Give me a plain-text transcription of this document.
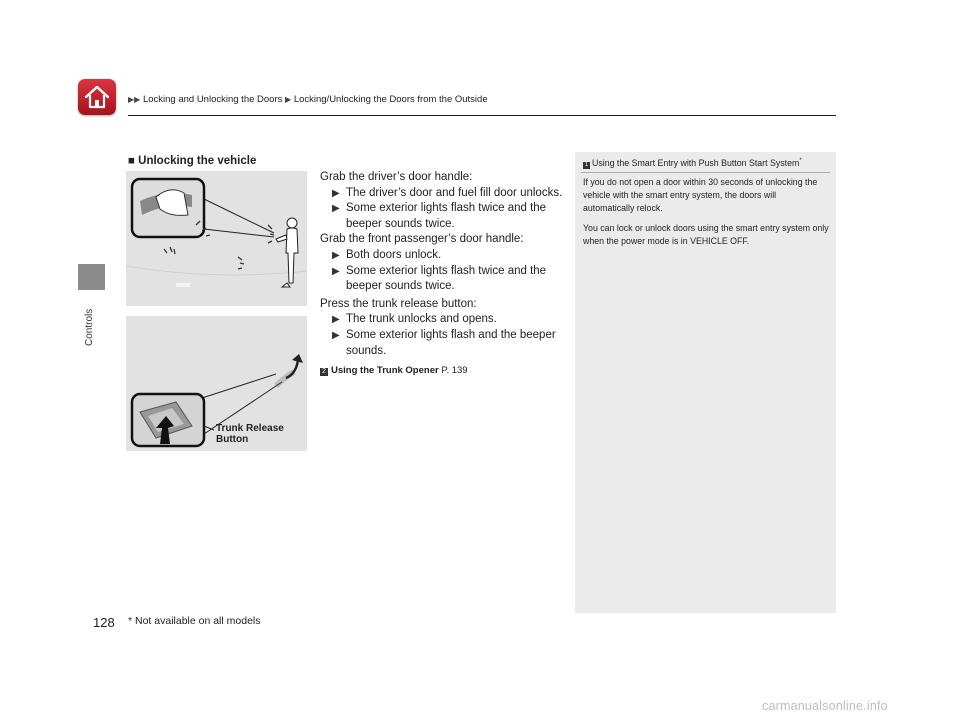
▶▶ Locking and Unlocking the Doors ▶ Locking/Unlocking the Doors from the Outside
Controls
■ Unlocking the vehicle
Trunk Release
Button

Grab the driver’s door handle:

▶ The driver’s door and fuel fill door unlocks.

▶ Some exterior lights flash twice and the beeper sounds twice.

Grab the front passenger’s door handle:

▶ Both doors unlock.

▶ Some exterior lights flash twice and the beeper sounds twice.

Press the trunk release button:

▶ The trunk unlocks and opens.

▶ Some exterior lights flash and the beeper sounds.

2 Using the Trunk Opener P. 139

1 Using the Smart Entry with Push Button Start System*

If you do not open a door within 30 seconds of unlocking the vehicle with the smart entry system, the doors will automatically relock.

You can lock or unlock doors using the smart entry system only when the power mode is in VEHICLE OFF.

128 * Not available on all models
carmanualsonline.info
